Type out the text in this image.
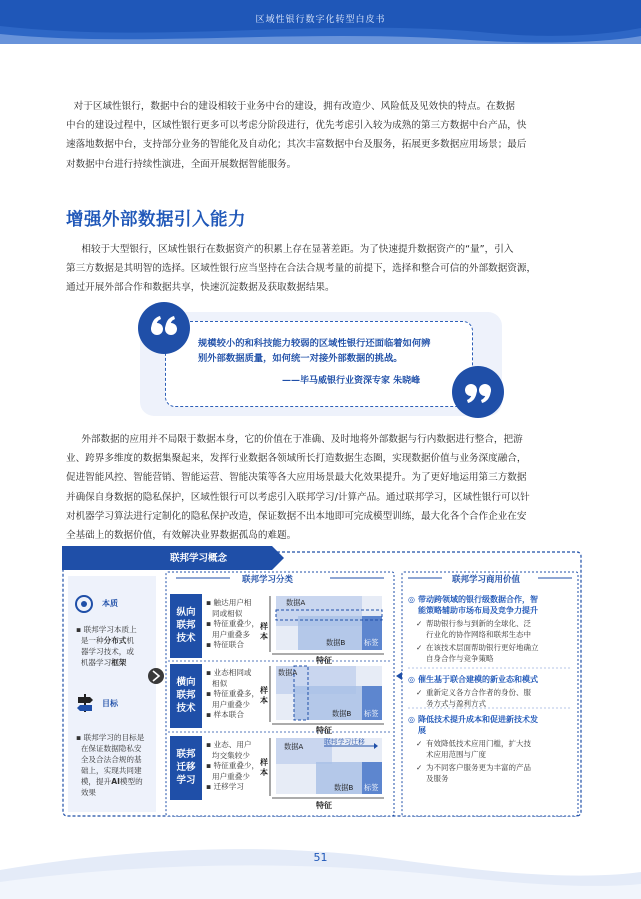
区域性银行数字化转型白皮书
对于区域性银行，数据中台的建设相较于业务中台的建设，拥有改造少、风险低及见效快的特点。在数据
中台的建设过程中，区域性银行更多可以考虑分阶段进行，优先考虑引入较为成熟的第三方数据中台产品，快
速落地数据中台，支持部分业务的智能化及自动化；其次丰富数据中台及服务，拓展更多数据应用场景；最后
对数据中台进行持续性演进，全面开展数据智能服务。
增强外部数据引入能力
相较于大型银行，区域性银行在数据资产的积累上存在显著差距。为了快速提升数据资产的“量”，引入
第三方数据是其明智的选择。区域性银行应当坚持在合法合规考量的前提下，选择和整合可信的外部数据资源，
通过开展外部合作和数据共享，快速沉淀数据及获取数据结果。
规模较小的和科技能力较弱的区域性银行还面临着如何辨
别外部数据质量，如何统一对接外部数据的挑战。
——毕马威银行业资深专家 朱晓峰
外部数据的应用并不局限于数据本身，它的价值在于准确、及时地将外部数据与行内数据进行整合，把游
业、跨界多维度的数据集聚起来，发挥行业数据各领域所长打造数据生态圈，实现数据价值与业务深度融合，
促进智能风控、智能营销、智能运营、智能决策等各大应用场景最大化效果提升。为了更好地运用第三方数据
并确保自身数据的隐私保护，区域性银行可以考虑引入联邦学习/计算产品。通过联邦学习，区域性银行可以针
对机器学习算法进行定制化的隐私保护改造，保证数据不出本地即可完成模型训练，最大化各个合作企业在安
全基础上的数据价值，有效解决业界数据孤岛的难题。
联邦学习概念
联邦学习分类	联邦学习商用价值
本质
▪ 联邦学习本质上
是一种分布式机
器学习技术，或
机器学习框架
目标
▪ 联邦学习的目标是
在保证数据隐私安
全及合法合规的基
础上，实现共同建
模，提升AI模型的
效果
纵向
联邦
技术
横向
联邦
技术
联邦
迁移
学习
▪ 触达用户相
同或相似
▪ 特征重叠少，
用户重叠多
▪ 特征联合
▪ 业态相同或
相似
▪ 特征重叠多，
用户重叠少
▪ 样本联合
▪ 业态、用户
均交集较少
▪ 特征重叠少，
用户重叠少
▪ 迁移学习
数据A
数据B	标签
样本
特征
数据A
数据B 标签
样本
特征
数据A	联邦学习迁移
数据B 标签
样本
特征
◎ 带动跨领域的银行级数据合作，智
能策略辅助市场布局及竞争力提升
✓ 帮助银行参与到新的全球化、泛
行业化的协作网络和联邦生态中
✓ 在该技术层面帮助银行更好地确立
自身合作与竞争策略
◎ 催生基于联合建模的新业态和模式
✓ 重新定义各方合作者的身份、服
务方式与盈利方式
◎ 降低技术提升成本和促进新技术发
展
✓ 有效降低技术应用门槛，扩大技
术应用范围与广度
✓ 为不同客户服务更为丰富的产品
及服务
51
